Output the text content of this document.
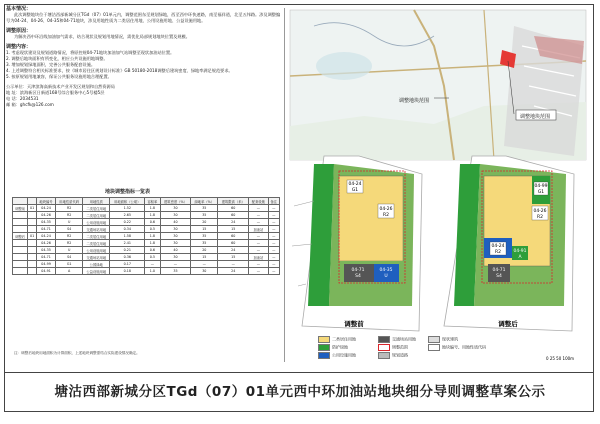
基本情况：

此次调整地块位于塘沽西部新城分区TGd（07）01单元内，调整范围东至规划绿地，西至西中环快速路，南至福祥道，北至五纬路。涉及调整编号为04-24、04-26、04-35和04-71地块，涉及用地性质为二类居住用地、公用设施用地、公益设施用地。

调整原因：

为解决西中环沿线加油加气需求，结合现状及规划用地情况，需优化局部规划地块位置及规模。

调整内容：
1. 考虑现状建设及规划道路情况，将原控规04-71地块加油加气站调整至现状加油站位置。
2. 调整后地块面积有所变化，相应公共设施用地调整。
3. 增加规划绿地面积，完善公共服务配套设施。
4. 上述调整符合相关标准要求，按《城市居住区规划设计标准》GB 50180-2018调整后建筑密度、绿地率满足规范要求。
5. 按原规划用地兼容，保证公共服务设施用地合理配置。
公示单位：天津滨海高新技术产业开发区规划和自然资源局
地 址：滨海新区日新道168号综合服务中心5号楼5层
电 话：2034531
邮 箱：ghcfk@126.com
地块调整指标一览表
		地块编号	用地性质代码	用地性质	用地面积（公顷）	容积率	建筑密度（%）	绿地率（%）	建筑限高（米）	配套设施	备注
调整前	01	04-24	R2	二类居住用地	1.52	1.8	30	35	60	—	—
		04-26	R2	二类居住用地	2.65	1.8	30	35	60	—	—
		04-35	U	公用设施用地	0.22	0.6	40	20	24	—	—
		04-71	S4	交通场站用地	0.34	0.5	30	15	15	加油站	—
调整后	01	04-24	R2	二类居住用地	1.58	1.8	30	35	60	—	—
		04-26	R2	二类居住用地	2.41	1.8	30	35	60	—	—
		04-35	U	公用设施用地	0.21	0.6	40	20	24	—	—
		04-71	S4	交通场站用地	0.36	0.5	30	15	15	加油站	—
		04-99	G1	公园绿地	0.17	—	—	—	—	—	—
		04-91	A	公益设施用地	0.18	1.0	35	30	24	—	—
注：调整后地块用地面积为计算面积，上述地块调整需结合实际建设情况确定。
调整地块范围
调整地块范围
04-24
G1
04-26
R2
04-71
S4
04-35
U
调整前
04-99
G1
04-26
R2
04-24
R2
04-71
S4
04-91
A
调整后
0 25 50 100m
二类居住用地
防护绿地
公用设施用地
交通场站用地
调整范围
规划道路
现状建筑
地块编号、用地性质代码
塘沽西部新城分区TGd（07）01单元西中环加油站地块细分导则调整草案公示
